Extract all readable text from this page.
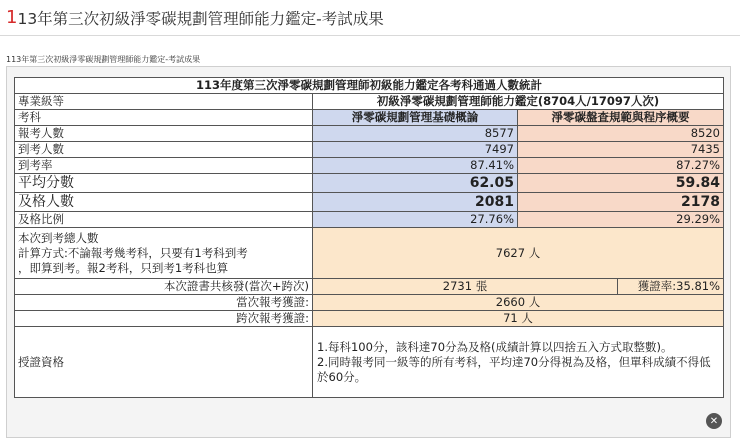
1 13年第三次初級淨零碳規劃管理師能力鑑定-考試成果
113年第三次初級淨零碳規劃管理師能力鑑定-考試成果
113年度第三次淨零碳規劃管理師初級能力鑑定各考科通過人數統計			
專業級等	初級淨零碳規劃管理師能力鑑定(8704人/17097人次)		
考科	淨零碳規劃管理基礎概論	淨零碳盤查規範與程序概要	
報考人數	8577	8520	
到考人數	7497	7435	
到考率	87.41%	87.27%	
平均分數	62.05	59.84	
及格人數	2081	2178	
及格比例	27.76%	29.29%	

本次到考總人數
計算方式:不論報考幾考科，只要有1考科到考
，即算到考。報2考科，只到考1考科也算	7627 人		
本次證書共核發(當次+跨次)	2731 張		獲證率:35.81%
當次報考獲證:	2660 人		
跨次報考獲證:	71 人		
授證資格	1.每科100分，該科達70分為及格(成績計算以四捨五入方式取整數)。
2.同時報考同一級等的所有考科，平均達70分得視為及格，但單科成績不得低於60分。		
✕
